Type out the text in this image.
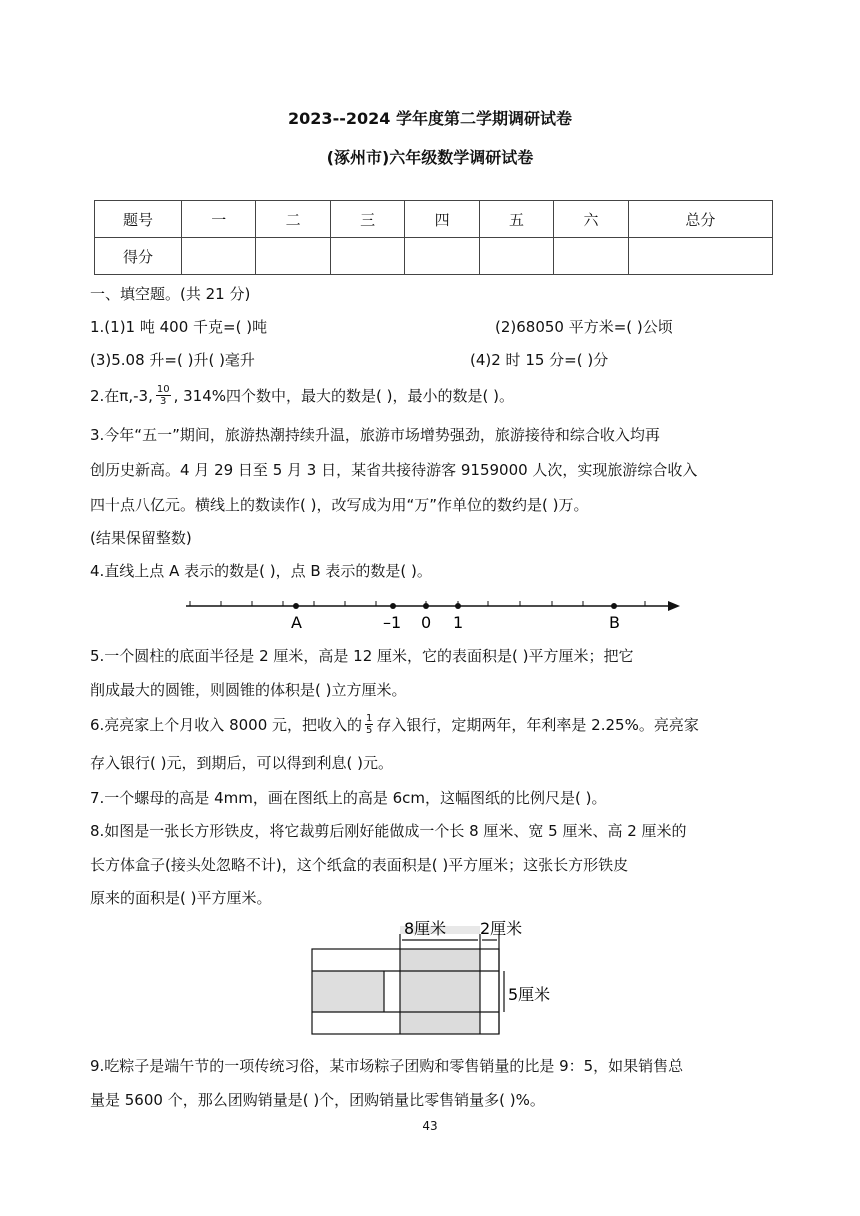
2023--2024 学年度第二学期调研试卷
(涿州市)六年级数学调研试卷
题号	一	二	三	四	五	六	总分
得分							
一、填空题。(共 21 分)
1.(1)1 吨 400 千克=( )吨	(2)68050 平方米=( )公顷
(3)5.08 升=( )升( )毫升	(4)2 时 15 分=( )分
2.在π,-3, $\frac{10}{3}$ , 314%四个数中，最大的数是( )，最小的数是( )。
3.今年“五一”期间，旅游热潮持续升温，旅游市场增势强劲，旅游接待和综合收入均再
创历史新高。4 月 29 日至 5 月 3 日，某省共接待游客 9159000 人次，实现旅游综合收入
四十点八亿元。横线上的数读作( )，改写成为用“万”作单位的数约是( )万。
(结果保留整数)
4.直线上点 A 表示的数是( )，点 B 表示的数是( )。
A	–1 0 1	B
5.一个圆柱的底面半径是 2 厘米，高是 12 厘米，它的表面积是( )平方厘米；把它
削成最大的圆锥，则圆锥的体积是( )立方厘米。
6.亮亮家上个月收入 8000 元，把收入的 $\frac{1}{5}$ 存入银行，定期两年，年利率是 2.25%。亮亮家
存入银行( )元，到期后，可以得到利息( )元。
7.一个螺母的高是 4mm，画在图纸上的高是 6cm，这幅图纸的比例尺是( )。
8.如图是一张长方形铁皮，将它裁剪后刚好能做成一个长 8 厘米、宽 5 厘米、高 2 厘米的
长方体盒子(接头处忽略不计)，这个纸盒的表面积是( )平方厘米；这张长方形铁皮
原来的面积是( )平方厘米。
8厘米 2厘米
5厘米
9.吃粽子是端午节的一项传统习俗，某市场粽子团购和零售销量的比是 9：5，如果销售总
量是 5600 个，那么团购销量是( )个，团购销量比零售销量多( )%。
43
